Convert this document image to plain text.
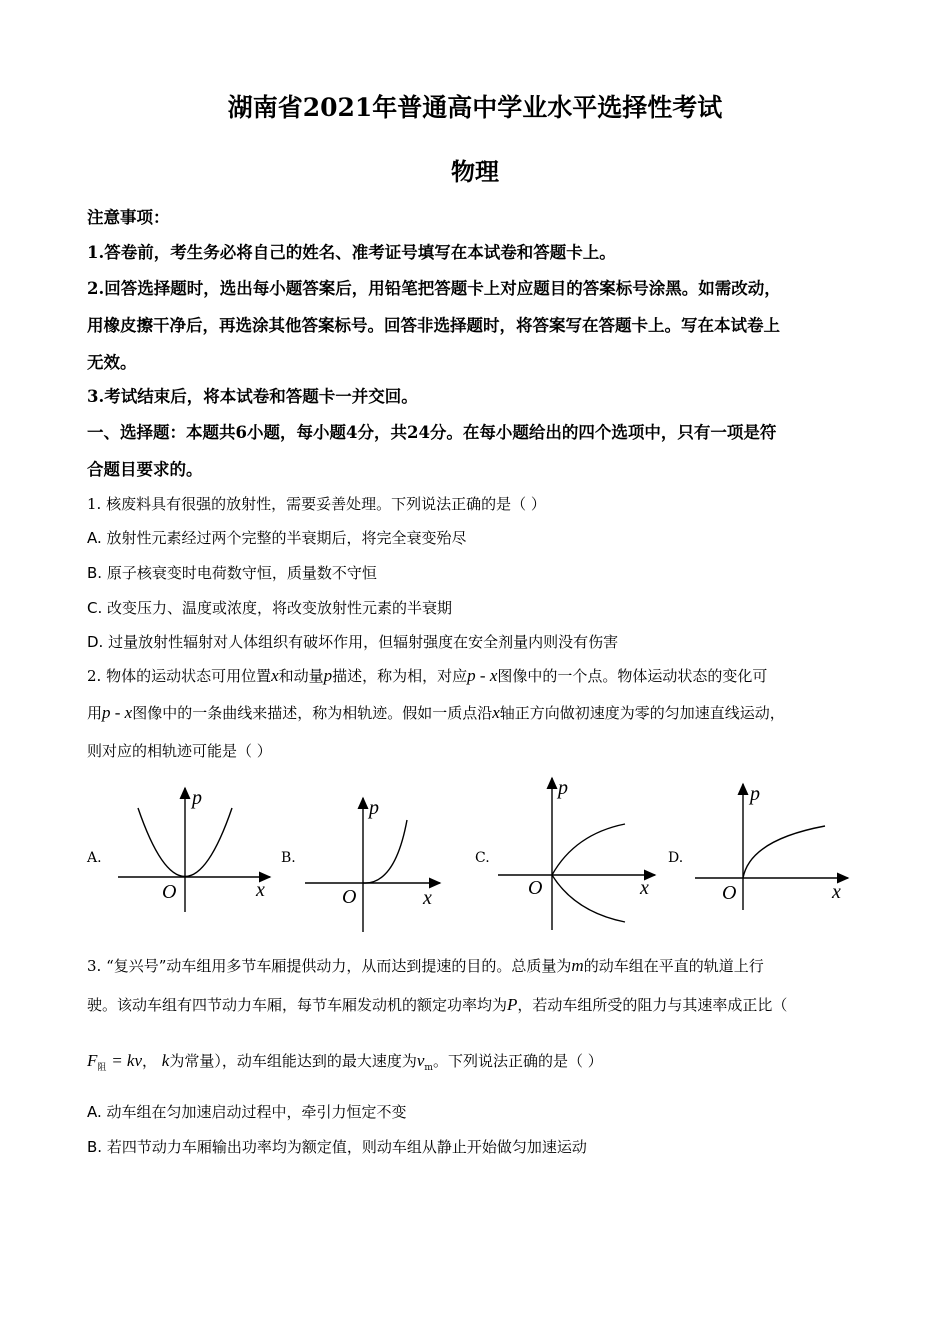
湖南省2021年普通高中学业水平选择性考试
物理
注意事项：
1.答卷前，考生务必将自己的姓名、准考证号填写在本试卷和答题卡上。
2.回答选择题时，选出每小题答案后，用铅笔把答题卡上对应题目的答案标号涂黑。如需改动，
用橡皮擦干净后，再选涂其他答案标号。回答非选择题时，将答案写在答题卡上。写在本试卷上
无效。
3.考试结束后，将本试卷和答题卡一并交回。
一、选择题：本题共6小题，每小题4分，共24分。在每小题给出的四个选项中，只有一项是符
合题目要求的。
1. 核废料具有很强的放射性，需要妥善处理。下列说法正确的是（ ）
A. 放射性元素经过两个完整的半衰期后，将完全衰变殆尽
B. 原子核衰变时电荷数守恒，质量数不守恒
C. 改变压力、温度或浓度，将改变放射性元素的半衰期
D. 过量放射性辐射对人体组织有破坏作用，但辐射强度在安全剂量内则没有伤害
2. 物体的运动状态可用位置x和动量p描述，称为相，对应p - x图像中的一个点。物体运动状态的变化可
用p - x图像中的一条曲线来描述，称为相轨迹。假如一质点沿x轴正方向做初速度为零的匀加速直线运动，
则对应的相轨迹可能是（ ）
A.	B.	C.	D.
p
x
O
p
x
O
p
x
O
p
x
O
3. “复兴号”动车组用多节车厢提供动力，从而达到提速的目的。总质量为m的动车组在平直的轨道上行
驶。该动车组有四节动力车厢，每节车厢发动机的额定功率均为P，若动车组所受的阻力与其速率成正比（
$F_阻$ = kv， k为常量），动车组能达到的最大速度为$v_m$。下列说法正确的是（ ）
A. 动车组在匀加速启动过程中，牵引力恒定不变
B. 若四节动力车厢输出功率均为额定值，则动车组从静止开始做匀加速运动
